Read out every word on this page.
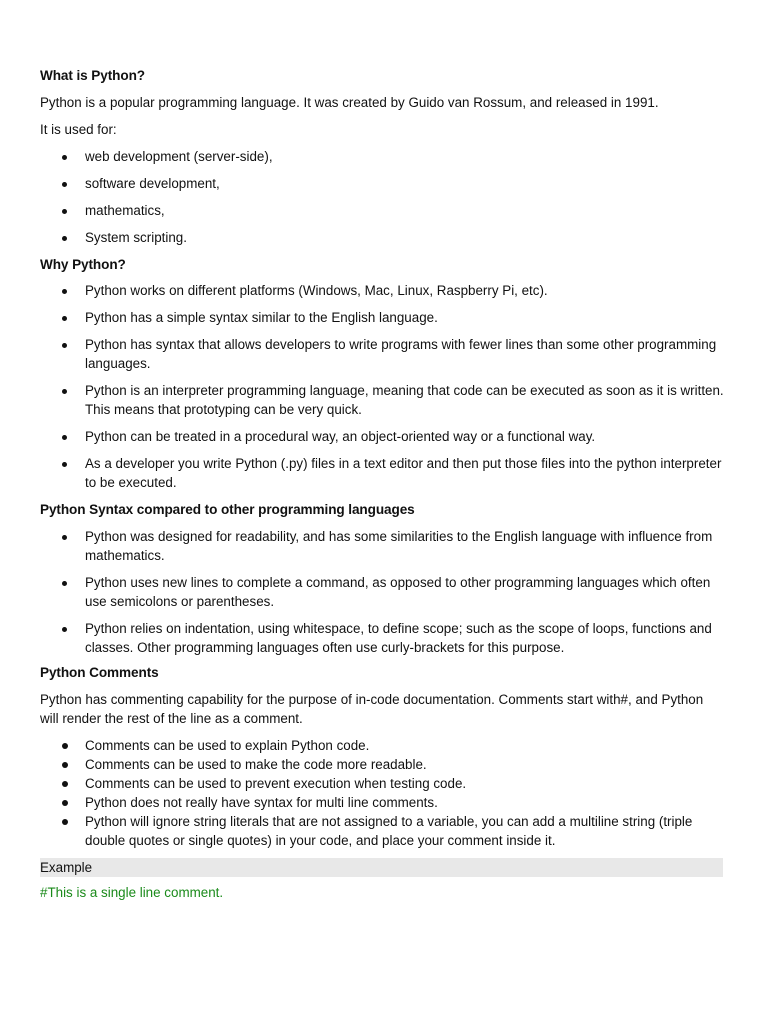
What is Python?

Python is a popular programming language. It was created by Guido van Rossum, and released in 1991.

It is used for:

web development (server-side),
software development,
mathematics,
System scripting.
Why Python?
Python works on different platforms (Windows, Mac, Linux, Raspberry Pi, etc).
Python has a simple syntax similar to the English language.
Python has syntax that allows developers to write programs with fewer lines than some other programming languages.
Python is an interpreter programming language, meaning that code can be executed as soon as it is written. This means that prototyping can be very quick.
Python can be treated in a procedural way, an object-oriented way or a functional way.
As a developer you write Python (.py) files in a text editor and then put those files into the python interpreter to be executed.
Python Syntax compared to other programming languages
Python was designed for readability, and has some similarities to the English language with influence from mathematics.
Python uses new lines to complete a command, as opposed to other programming languages which often use semicolons or parentheses.
Python relies on indentation, using whitespace, to define scope; such as the scope of loops, functions and classes. Other programming languages often use curly-brackets for this purpose.
Python Comments

Python has commenting capability for the purpose of in-code documentation. Comments start with#, and Python will render the rest of the line as a comment.

Comments can be used to explain Python code.
Comments can be used to make the code more readable.
Comments can be used to prevent execution when testing code.
Python does not really have syntax for multi line comments.
Python will ignore string literals that are not assigned to a variable, you can add a multiline string (triple double quotes or single quotes) in your code, and place your comment inside it.
Example

#This is a single line comment.
